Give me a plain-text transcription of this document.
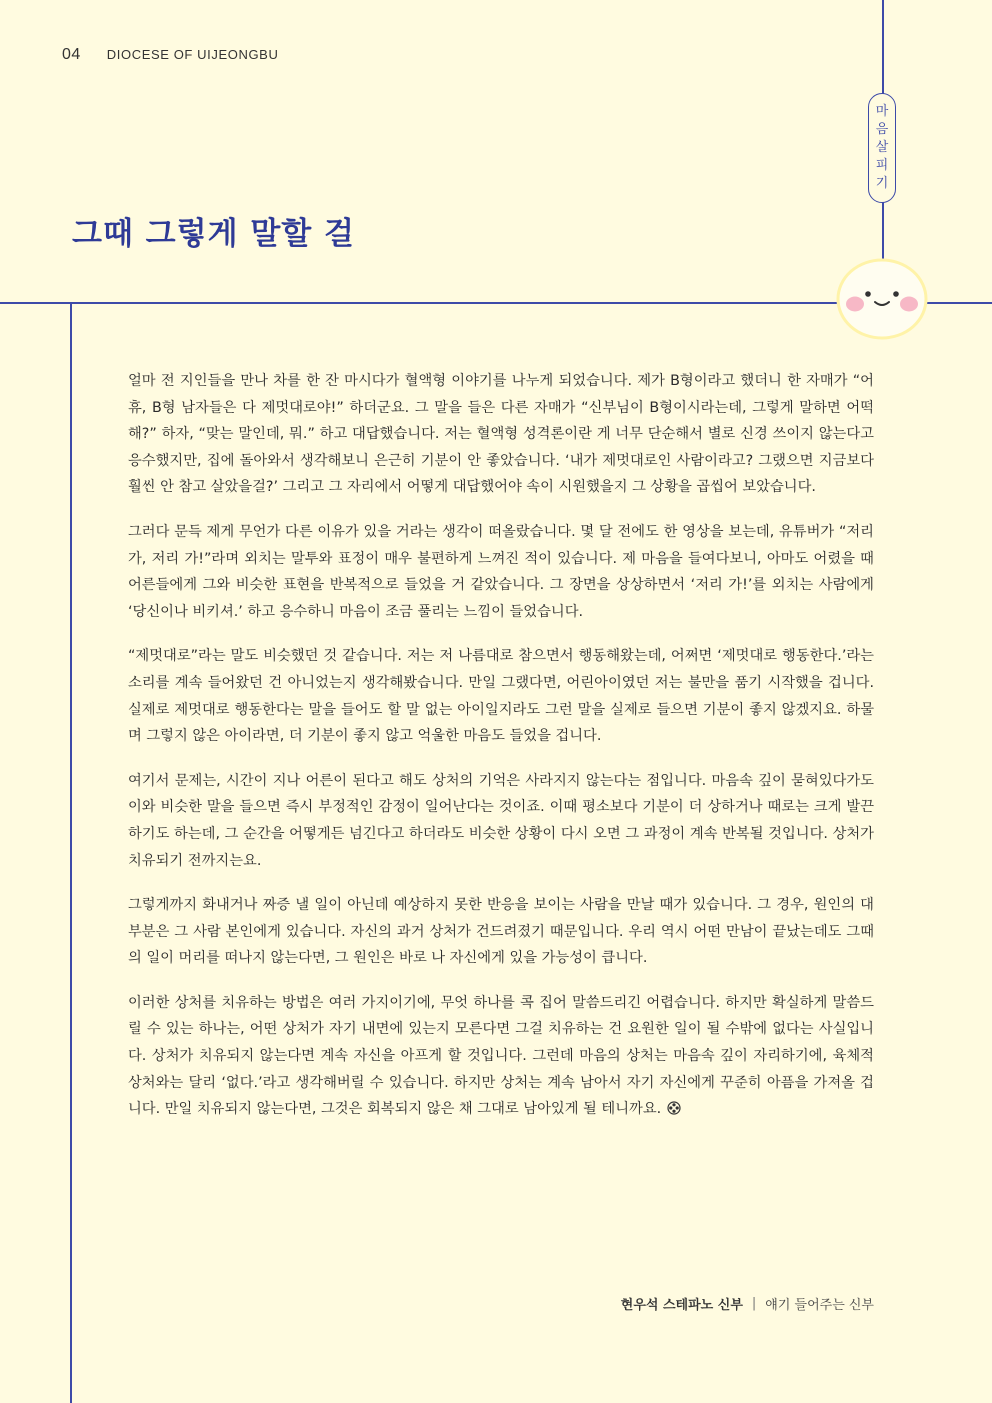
04 DIOCESE OF UIJEONGBU
마
음
살
피
기
그때 그렇게 말할 걸

얼마 전 지인들을 만나 차를 한 잔 마시다가 혈액형 이야기를 나누게 되었습니다. 제가 B형이라고 했더니 한 자매가 “어휴, B형 남자들은 다 제멋대로야!” 하더군요. 그 말을 들은 다른 자매가 “신부님이 B형이시라는데, 그렇게 말하면 어떡해?” 하자, “맞는 말인데, 뭐.” 하고 대답했습니다. 저는 혈액형 성격론이란 게 너무 단순해서 별로 신경 쓰이지 않는다고 응수했지만, 집에 돌아와서 생각해보니 은근히 기분이 안 좋았습니다. ‘내가 제멋대로인 사람이라고? 그랬으면 지금보다 훨씬 안 참고 살았을걸?’ 그리고 그 자리에서 어떻게 대답했어야 속이 시원했을지 그 상황을 곱씹어 보았습니다.

그러다 문득 제게 무언가 다른 이유가 있을 거라는 생각이 떠올랐습니다. 몇 달 전에도 한 영상을 보는데, 유튜버가 “저리 가, 저리 가!”라며 외치는 말투와 표정이 매우 불편하게 느껴진 적이 있습니다. 제 마음을 들여다보니, 아마도 어렸을 때 어른들에게 그와 비슷한 표현을 반복적으로 들었을 거 같았습니다. 그 장면을 상상하면서 ‘저리 가!’를 외치는 사람에게 ‘당신이나 비키셔.’ 하고 응수하니 마음이 조금 풀리는 느낌이 들었습니다.

“제멋대로”라는 말도 비슷했던 것 같습니다. 저는 저 나름대로 참으면서 행동해왔는데, 어쩌면 ‘제멋대로 행동한다.’라는 소리를 계속 들어왔던 건 아니었는지 생각해봤습니다. 만일 그랬다면, 어린아이였던 저는 불만을 품기 시작했을 겁니다. 실제로 제멋대로 행동한다는 말을 들어도 할 말 없는 아이일지라도 그런 말을 실제로 들으면 기분이 좋지 않겠지요. 하물며 그렇지 않은 아이라면, 더 기분이 좋지 않고 억울한 마음도 들었을 겁니다.

여기서 문제는, 시간이 지나 어른이 된다고 해도 상처의 기억은 사라지지 않는다는 점입니다. 마음속 깊이 묻혀있다가도 이와 비슷한 말을 들으면 즉시 부정적인 감정이 일어난다는 것이죠. 이때 평소보다 기분이 더 상하거나 때로는 크게 발끈하기도 하는데, 그 순간을 어떻게든 넘긴다고 하더라도 비슷한 상황이 다시 오면 그 과정이 계속 반복될 것입니다. 상처가 치유되기 전까지는요.

그렇게까지 화내거나 짜증 낼 일이 아닌데 예상하지 못한 반응을 보이는 사람을 만날 때가 있습니다. 그 경우, 원인의 대부분은 그 사람 본인에게 있습니다. 자신의 과거 상처가 건드려졌기 때문입니다. 우리 역시 어떤 만남이 끝났는데도 그때의 일이 머리를 떠나지 않는다면, 그 원인은 바로 나 자신에게 있을 가능성이 큽니다.

이러한 상처를 치유하는 방법은 여러 가지이기에, 무엇 하나를 콕 집어 말씀드리긴 어렵습니다. 하지만 확실하게 말씀드릴 수 있는 하나는, 어떤 상처가 자기 내면에 있는지 모른다면 그걸 치유하는 건 요원한 일이 될 수밖에 없다는 사실입니다. 상처가 치유되지 않는다면 계속 자신을 아프게 할 것입니다. 그런데 마음의 상처는 마음속 깊이 자리하기에, 육체적 상처와는 달리 ‘없다.’라고 생각해버릴 수 있습니다. 하지만 상처는 계속 남아서 자기 자신에게 꾸준히 아픔을 가져올 겁니다. 만일 치유되지 않는다면, 그것은 회복되지 않은 채 그대로 남아있게 될 테니까요.

현우석 스테파노 신부 | 얘기 들어주는 신부
